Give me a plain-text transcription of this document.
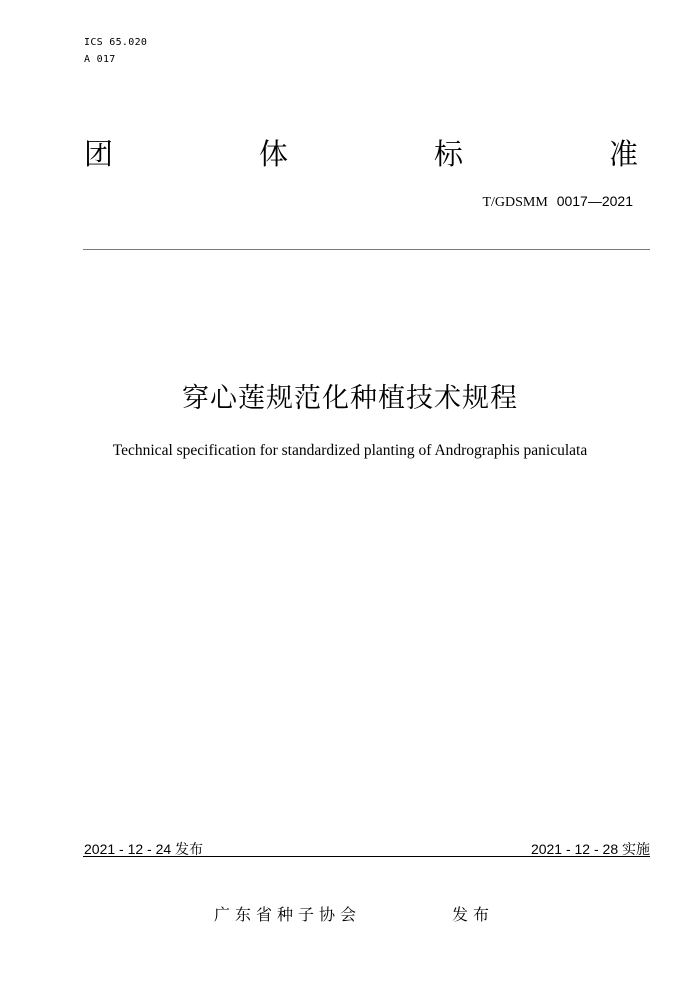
ICS 65.020
A 017
团	体	标	准
T/GDSMM 0017—2021
穿心莲规范化种植技术规程
Technical specification for standardized planting of Andrographis paniculata
2021 - 12 - 24 发布	2021 - 12 - 28 实施
广东省种子协会	发布
